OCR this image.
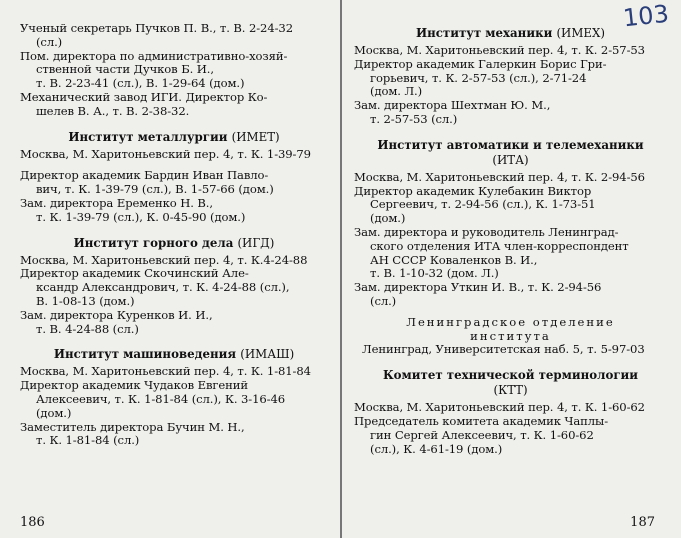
Ученый секретарь Пучков П. В., т. В. 2-24-32
(сл.)
Пом. директора по административно-хозяй-
ственной части Дучков Б. И.,
т. В. 2-23-41 (сл.), В. 1-29-64 (дом.)
Механический завод ИГИ. Директор Ко-
шелев В. А., т. В. 2-38-32.
Институт металлургии (ИМЕТ)
Москва, М. Харитоньевский пер. 4, т. К. 1-39-79
Директор академик Бардин Иван Павло-
вич, т. К. 1-39-79 (сл.), В. 1-57-66 (дом.)
Зам. директора Еременко Н. В.,
т. К. 1-39-79 (сл.), К. 0-45-90 (дом.)
Институт горного дела (ИГД)
Москва, М. Харитоньевский пер. 4, т. К.4-24-88
Директор академик Скочинский Але-
ксандр Александрович, т. К. 4-24-88 (сл.),
В. 1-08-13 (дом.)
Зам. директора Куренков И. И.,
т. В. 4-24-88 (сл.)
Институт машиноведения (ИМАШ)
Москва, М. Харитоньевский пер. 4, т. К. 1-81-84
Директор академик Чудаков Евгений
Алексеевич, т. К. 1-81-84 (сл.), К. 3-16-46
(дом.)
Заместитель директора Бучин М. Н.,
т. К. 1-81-84 (сл.)
186
103
Институт механики (ИМЕХ)
Москва, М. Харитоньевский пер. 4, т. К. 2-57-53
Директор академик Галеркин Борис Гри-
горьевич, т. К. 2-57-53 (сл.), 2-71-24
(дом. Л.)
Зам. директора Шехтман Ю. М.,
т. 2-57-53 (сл.)
Институт автоматики и телемеханики
(ИТА)
Москва, М. Харитоньевский пер. 4, т. К. 2-94-56
Директор академик Кулебакин Виктор
Сергеевич, т. 2-94-56 (сл.), К. 1-73-51
(дом.)
Зам. директора и руководитель Ленинград-
ского отделения ИТА член-корреспондент
АН СССР Коваленков В. И.,
т. В. 1-10-32 (дом. Л.)
Зам. директора Уткин И. В., т. К. 2-94-56
(сл.)
Ленинградское отделение
института
Ленинград, Университетская наб. 5, т. 5-97-03
Комитет технической терминологии
(КТТ)
Москва, М. Харитоньевский пер. 4, т. К. 1-60-62
Председатель комитета академик Чаплы-
гин Сергей Алексеевич, т. К. 1-60-62
(сл.), К. 4-61-19 (дом.)
187
